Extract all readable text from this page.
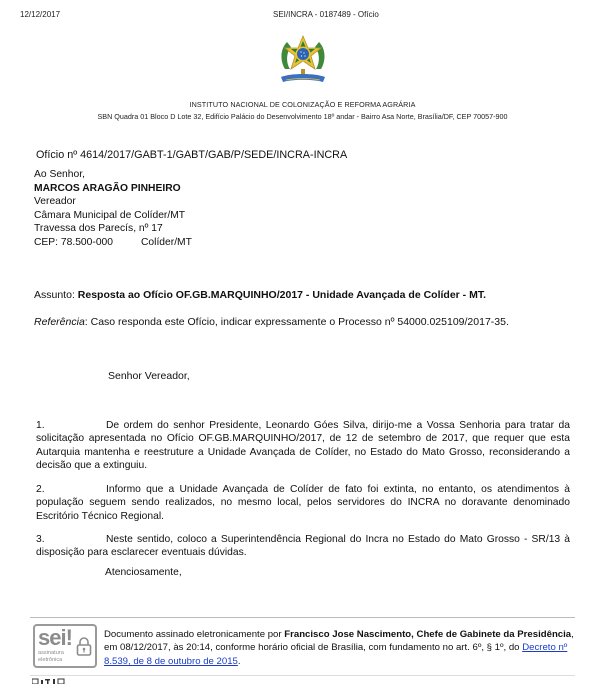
12/12/2017	SEI/INCRA - 0187489 - Ofício
INSTITUTO NACIONAL DE COLONIZAÇÃO E REFORMA AGRÁRIA
SBN Quadra 01 Bloco D Lote 32, Edifício Palácio do Desenvolvimento 18º andar - Bairro Asa Norte, Brasília/DF, CEP 70057-900
Ofício nº 4614/2017/GABT-1/GABT/GAB/P/SEDE/INCRA-INCRA
Ao Senhor,
MARCOS ARAGÃO PINHEIRO
Vereador
Câmara Municipal de Colíder/MT
Travessa dos Parecís, nº 17
CEP: 78.500-000	Colíder/MT
Assunto: Resposta ao Ofício OF.GB.MARQUINHO/2017 - Unidade Avançada de Colíder - MT.
Referência: Caso responda este Ofício, indicar expressamente o Processo nº 54000.025109/2017-35.
Senhor Vereador,
1.	De ordem do senhor Presidente, Leonardo Góes Silva, dirijo-me a Vossa Senhoria para tratar da solicitação apresentada no Ofício OF.GB.MARQUINHO/2017, de 12 de setembro de 2017, que requer que esta Autarquia mantenha e reestruture a Unidade Avançada de Colíder, no Estado do Mato Grosso, reconsiderando a decisão que a extinguiu.
2.	Informo que a Unidade Avançada de Colíder de fato foi extinta, no entanto, os atendimentos à população seguem sendo realizados, no mesmo local, pelos servidores do INCRA no doravante denominado Escritório Técnico Regional.
3.	Neste sentido, coloco a Superintendência Regional do Incra no Estado do Mato Grosso - SR/13 à disposição para esclarecer eventuais dúvidas.
Atenciosamente,
sei!
assinatura
eletrônica
Documento assinado eletronicamente por Francisco Jose Nascimento, Chefe de Gabinete da Presidência, em 08/12/2017, às 20:14, conforme horário oficial de Brasília, com fundamento no art. 6º, § 1º, do Decreto nº 8.539, de 8 de outubro de 2015.
